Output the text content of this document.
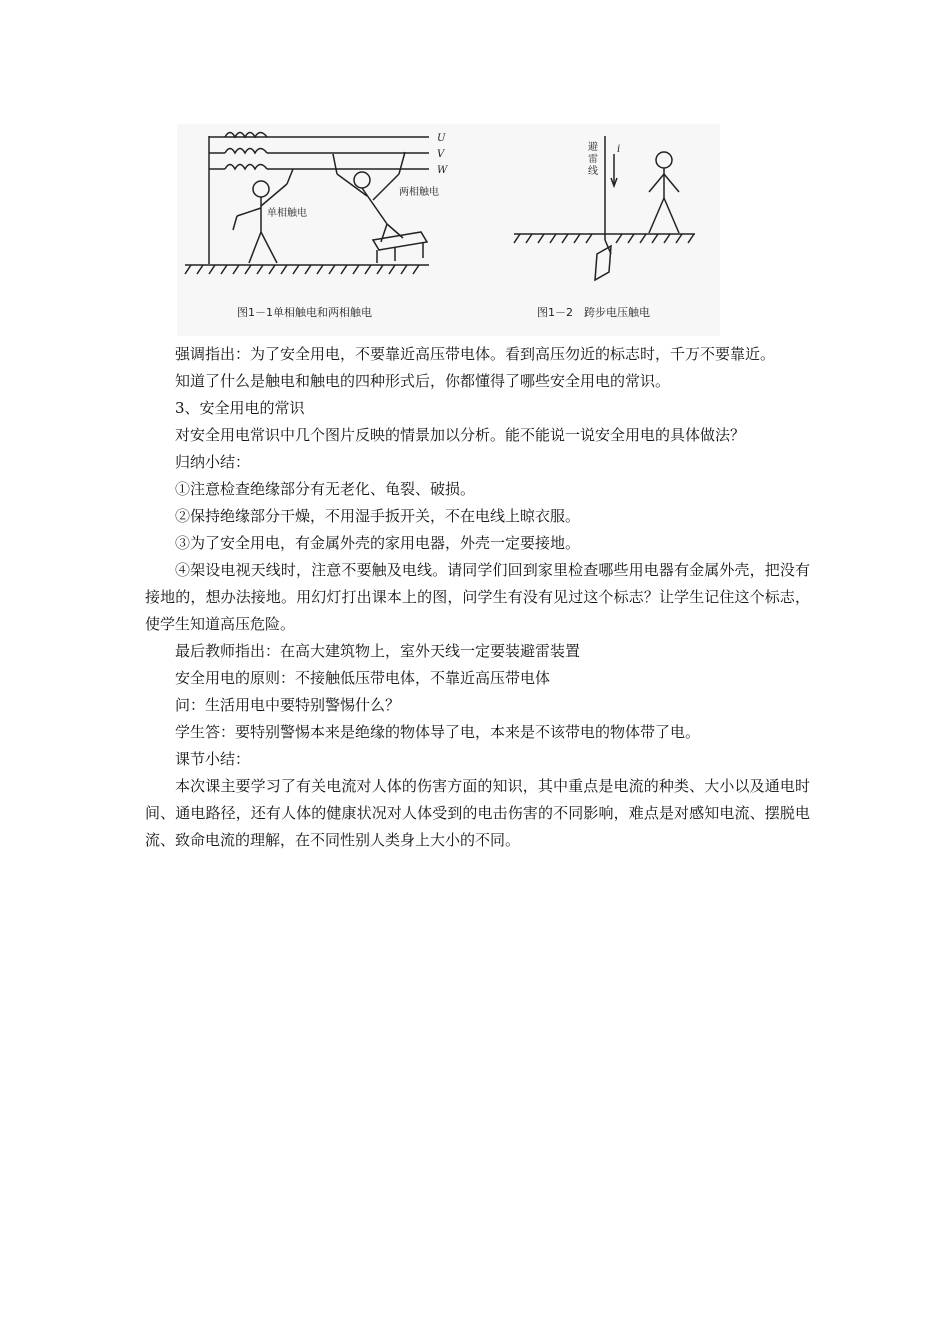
U
V
W
单相触电
两相触电
图1－1单相触电和两相触电
i
避雷线
图1－2　跨步电压触电

强调指出：为了安全用电，不要靠近高压带电体。看到高压勿近的标志时，千万不要靠近。

知道了什么是触电和触电的四种形式后，你都懂得了哪些安全用电的常识。

3、安全用电的常识

对安全用电常识中几个图片反映的情景加以分析。能不能说一说安全用电的具体做法？

归纳小结：

①注意检查绝缘部分有无老化、龟裂、破损。

②保持绝缘部分干燥，不用湿手扳开关，不在电线上晾衣服。

③为了安全用电，有金属外壳的家用电器，外壳一定要接地。

④架设电视天线时，注意不要触及电线。请同学们回到家里检查哪些用电器有金属外壳，把没有接地的，想办法接地。用幻灯打出课本上的图，问学生有没有见过这个标志？让学生记住这个标志，使学生知道高压危险。

最后教师指出：在高大建筑物上，室外天线一定要装避雷装置

安全用电的原则：不接触低压带电体，不靠近高压带电体

问：生活用电中要特别警惕什么？

学生答：要特别警惕本来是绝缘的物体导了电，本来是不该带电的物体带了电。

课节小结：

本次课主要学习了有关电流对人体的伤害方面的知识，其中重点是电流的种类、大小以及通电时间、通电路径，还有人体的健康状况对人体受到的电击伤害的不同影响，难点是对感知电流、摆脱电流、致命电流的理解，在不同性别人类身上大小的不同。
